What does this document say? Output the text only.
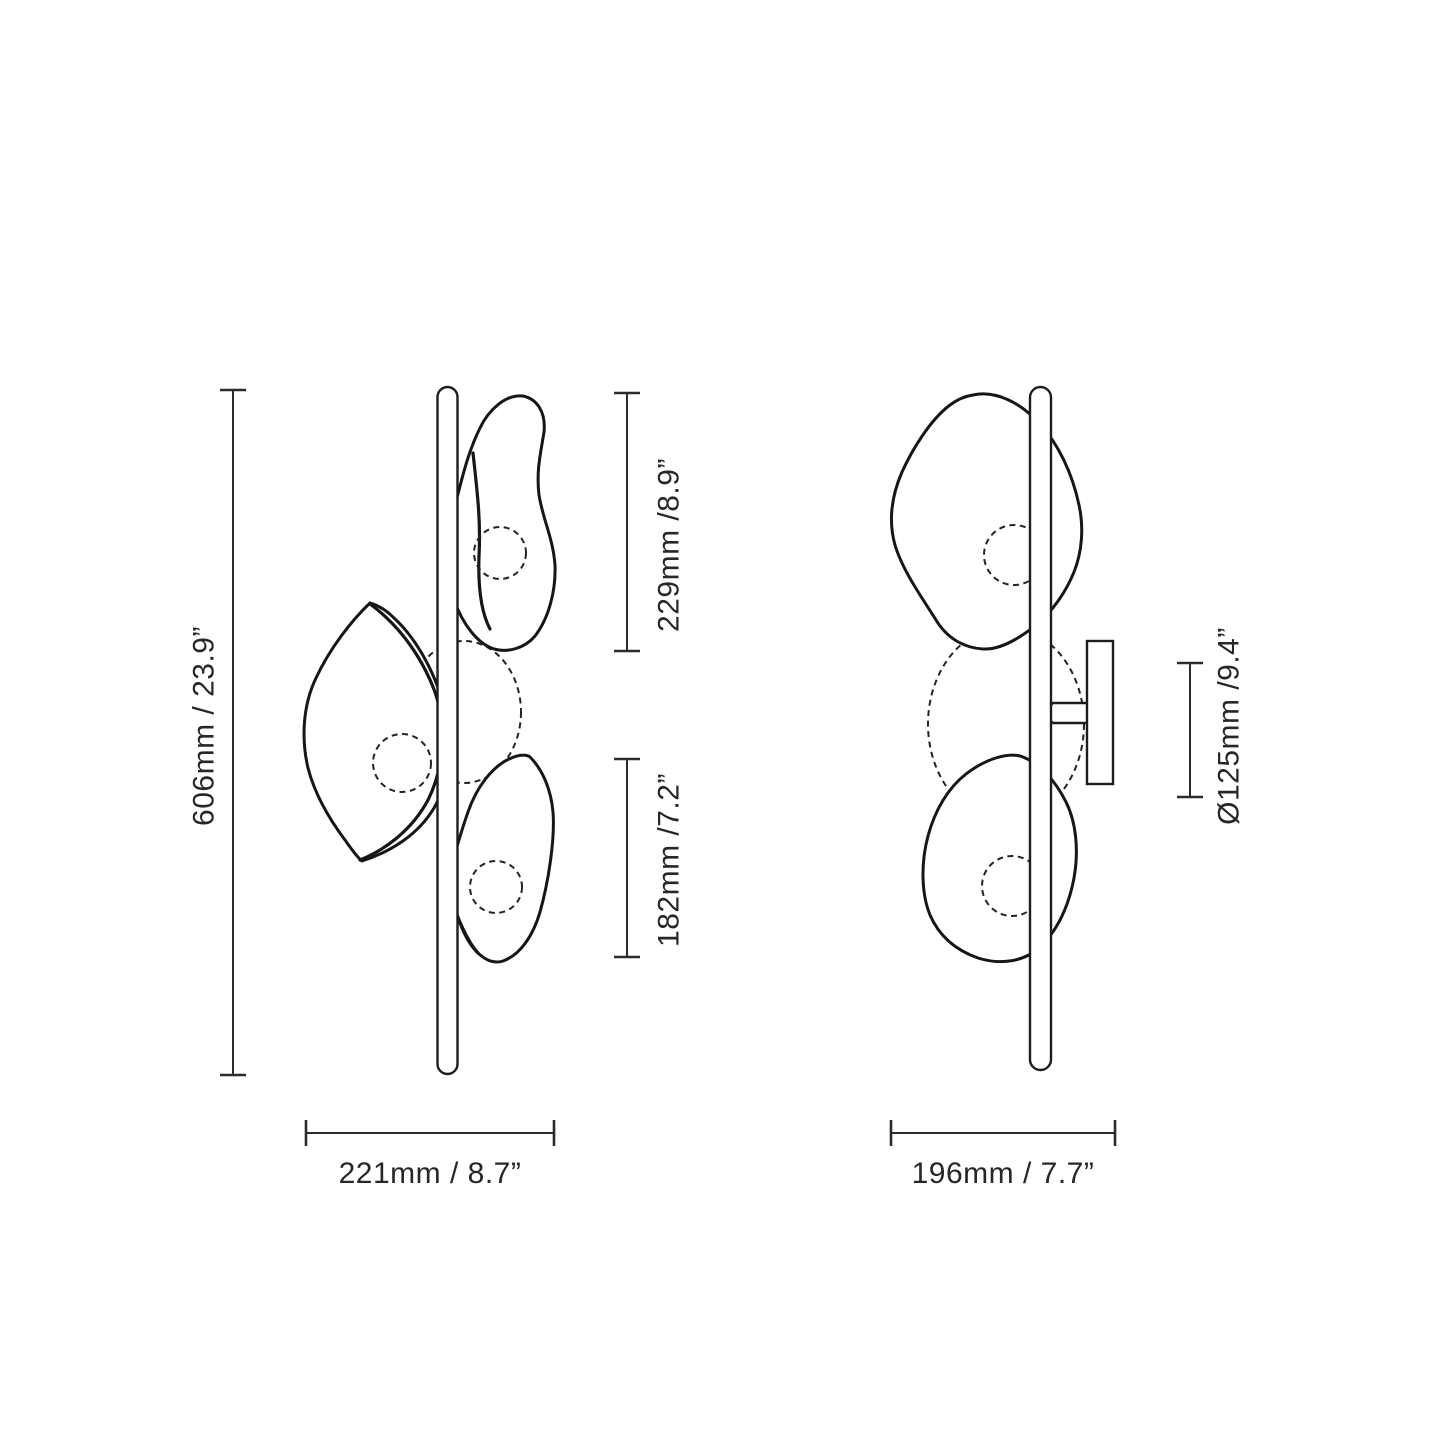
606mm / 23.9”
229mm /8.9”
182mm /7.2”
221mm / 8.7”
Ø125mm /9.4”
196mm / 7.7”
